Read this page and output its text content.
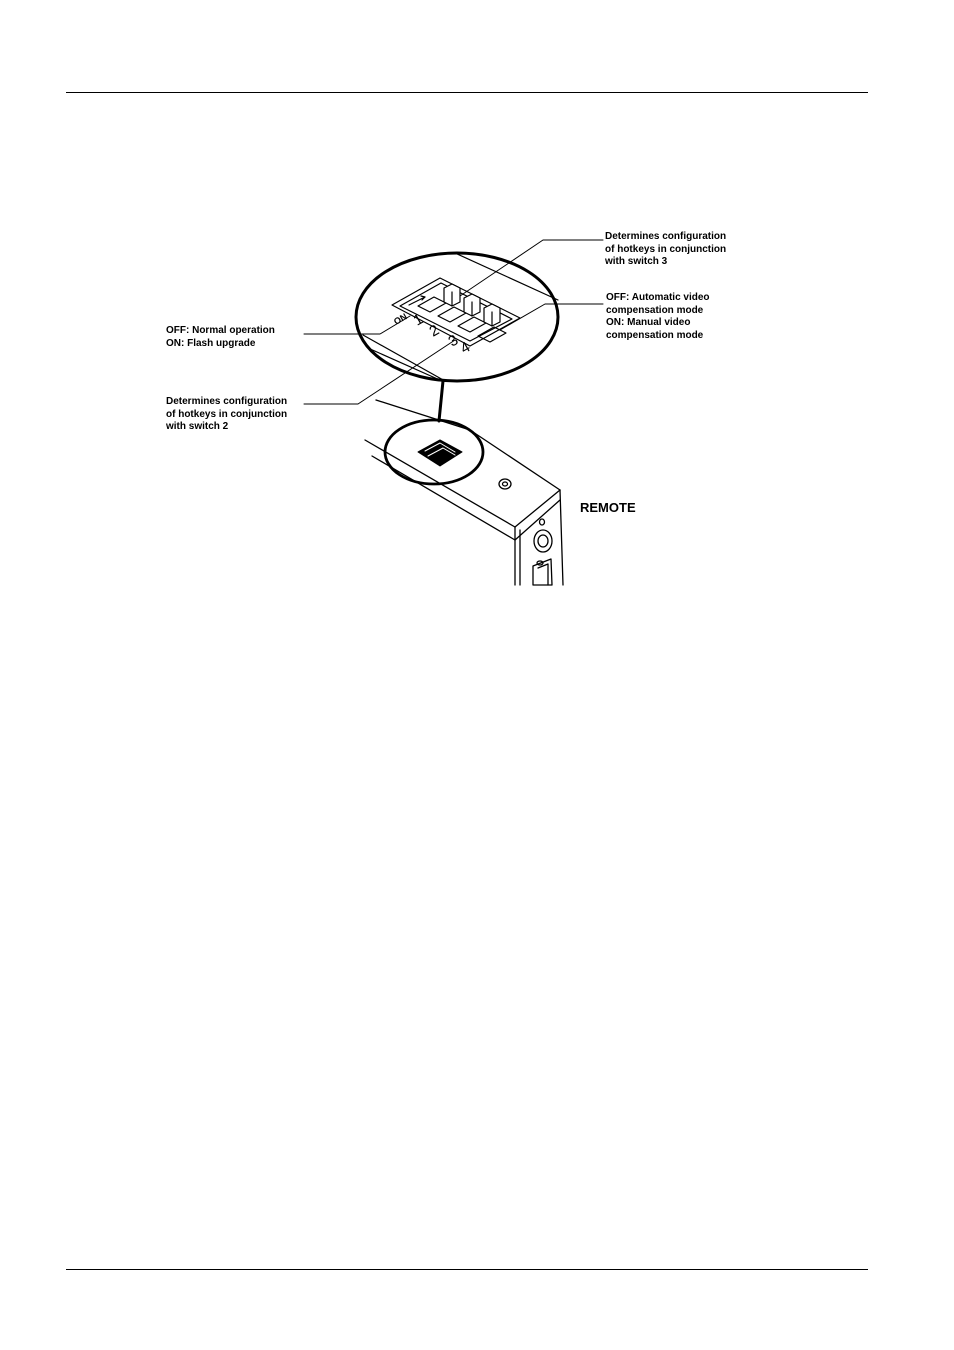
ON 1
2
3
4
Determines configuration
of hotkeys in conjunction
with switch 3
OFF: Automatic video
compensation mode
ON: Manual video
compensation mode
OFF: Normal operation
ON: Flash upgrade
Determines configuration
of hotkeys in conjunction
with switch 2
REMOTE
